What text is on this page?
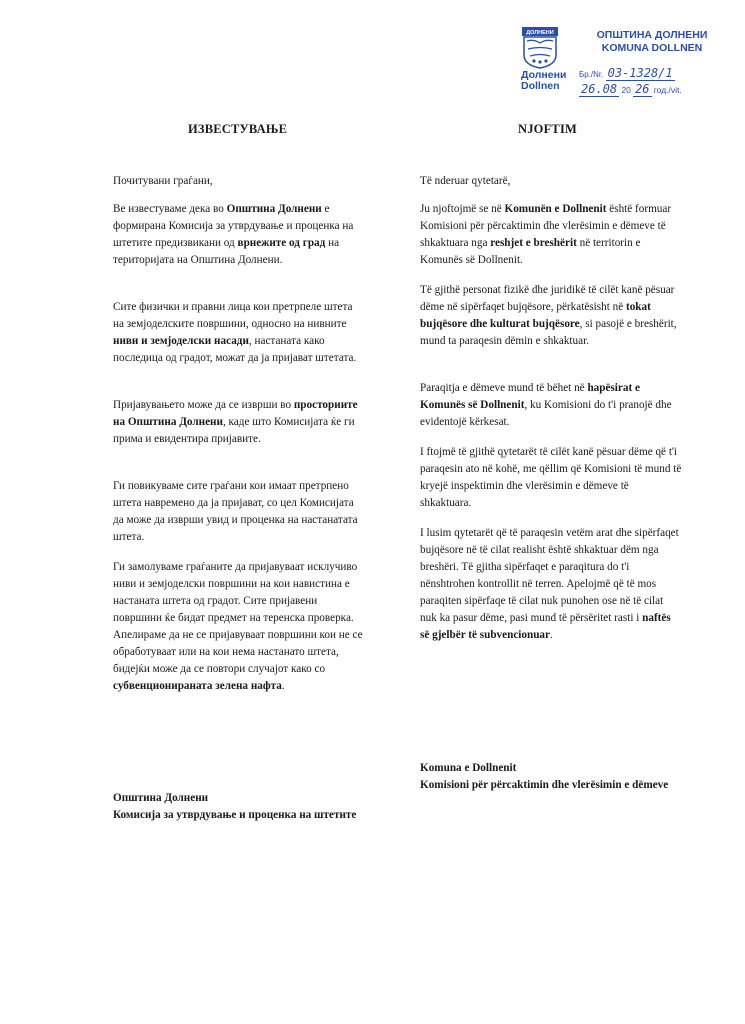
ДОЛНЕНИ
Долнени
Dollnen
ОПШТИНА ДОЛНЕНИ
KOMUNA DOLLNEN
Бр./Nr. 03-1328/1
26.08 20 26 год./vit.
ИЗВЕСТУВАЊЕ	NJOFTIM
Почитувани граѓани,
Ве известуваме дека во Општина Долнени е формирана Комисија за утврдување и проценка на штетите предизвикани од врнежите од град на територијата на Општина Долнени.
Сите физички и правни лица кои претрпеле штета на земјоделските површини, односно на нивните ниви и земјоделски насади, настаната како последица од градот, можат да ја пријават штетата.
Пријавувањето може да се изврши во просториите на Општина Долнени, каде што Комисијата ќе ги прима и евидентира пријавите.
Ги повикуваме сите граѓани кои имаат претрпено штета навремено да ја пријават, со цел Комисијата да може да изврши увид и проценка на настанатата штета.
Ги замолуваме граѓаните да пријавуваат исклучиво ниви и земјоделски површини на кои навистина е настаната штета од градот. Сите пријавени површини ќе бидат предмет на теренска проверка. Апелираме да не се пријавуваат површини кои не се обработуваат или на кои нема настанато штета, бидејќи може да се повтори случајот како со субвенционираната зелена нафта.
Општина Долнени
Комисија за утврдување и проценка на штетите
Të nderuar qytetarë,
Ju njoftojmë se në Komunën e Dollnenit është formuar Komisioni për përcaktimin dhe vlerësimin e dëmeve të shkaktuara nga reshjet e breshërit në territorin e Komunës së Dollnenit.
Të gjithë personat fizikë dhe juridikë të cilët kanë pësuar dëme në sipërfaqet bujqësore, përkatësisht në tokat bujqësore dhe kulturat bujqësore, si pasojë e breshërit, mund ta paraqesin dëmin e shkaktuar.
Paraqitja e dëmeve mund të bëhet në hapësirat e Komunës së Dollnenit, ku Komisioni do t'i pranojë dhe evidentojë kërkesat.
I ftojmë të gjithë qytetarët të cilët kanë pësuar dëme që t'i paraqesin ato në kohë, me qëllim që Komisioni të mund të kryejë inspektimin dhe vlerësimin e dëmeve të shkaktuara.
I lusim qytetarët që të paraqesin vetëm arat dhe sipërfaqet bujqësore në të cilat realisht është shkaktuar dëm nga breshëri. Të gjitha sipërfaqet e paraqitura do t'i nënshtrohen kontrollit në terren. Apelojmë që të mos paraqiten sipërfaqe të cilat nuk punohen ose në të cilat nuk ka pasur dëme, pasi mund të përsëritet rasti i naftës së gjelbër të subvencionuar.
Komuna e Dollnenit
Komisioni për përcaktimin dhe vlerësimin e dëmeve
